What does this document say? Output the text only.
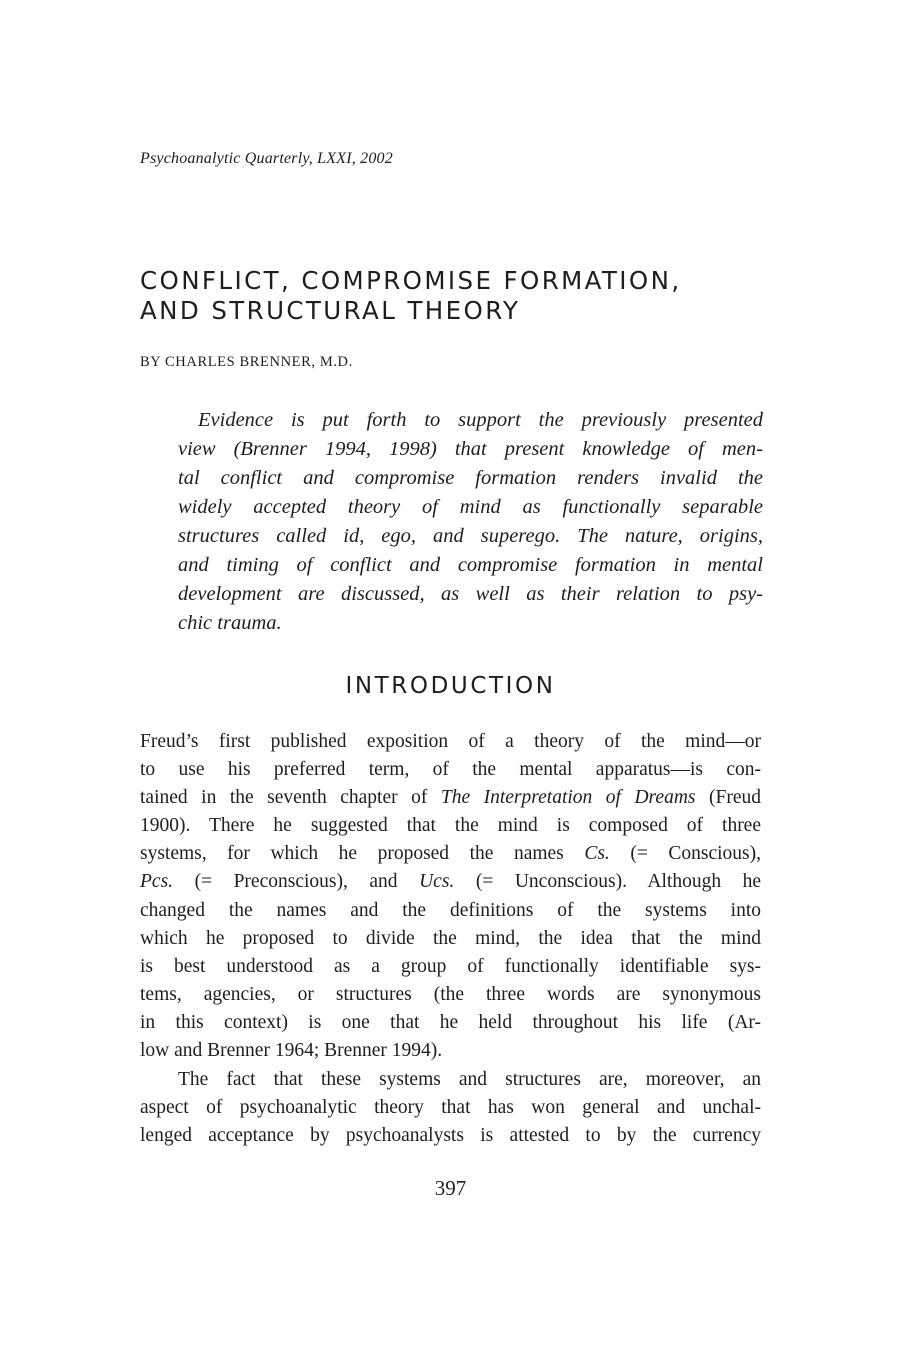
Psychoanalytic Quarterly, LXXI, 2002
CONFLICT, COMPROMISE FORMATION,
AND STRUCTURAL THEORY
BY CHARLES BRENNER, M.D.

Evidence is put forth to support the previously presented
view (Brenner 1994, 1998) that present knowledge of men-
tal conflict and compromise formation renders invalid the
widely accepted theory of mind as functionally separable
structures called id, ego, and superego. The nature, origins,
and timing of conflict and compromise formation in mental
development are discussed, as well as their relation to psy-
chic trauma.

INTRODUCTION

Freud’s first published exposition of a theory of the mind—or
to use his preferred term, of the mental apparatus—is con-
tained in the seventh chapter of The Interpretation of Dreams (Freud
1900). There he suggested that the mind is composed of three
systems, for which he proposed the names Cs. (= Conscious),
Pcs. (= Preconscious), and Ucs. (= Unconscious). Although he
changed the names and the definitions of the systems into
which he proposed to divide the mind, the idea that the mind
is best understood as a group of functionally identifiable sys-
tems, agencies, or structures (the three words are synonymous
in this context) is one that he held throughout his life (Ar-
low and Brenner 1964; Brenner 1994).

The fact that these systems and structures are, moreover, an
aspect of psychoanalytic theory that has won general and unchal-
lenged acceptance by psychoanalysts is attested to by the currency

397
